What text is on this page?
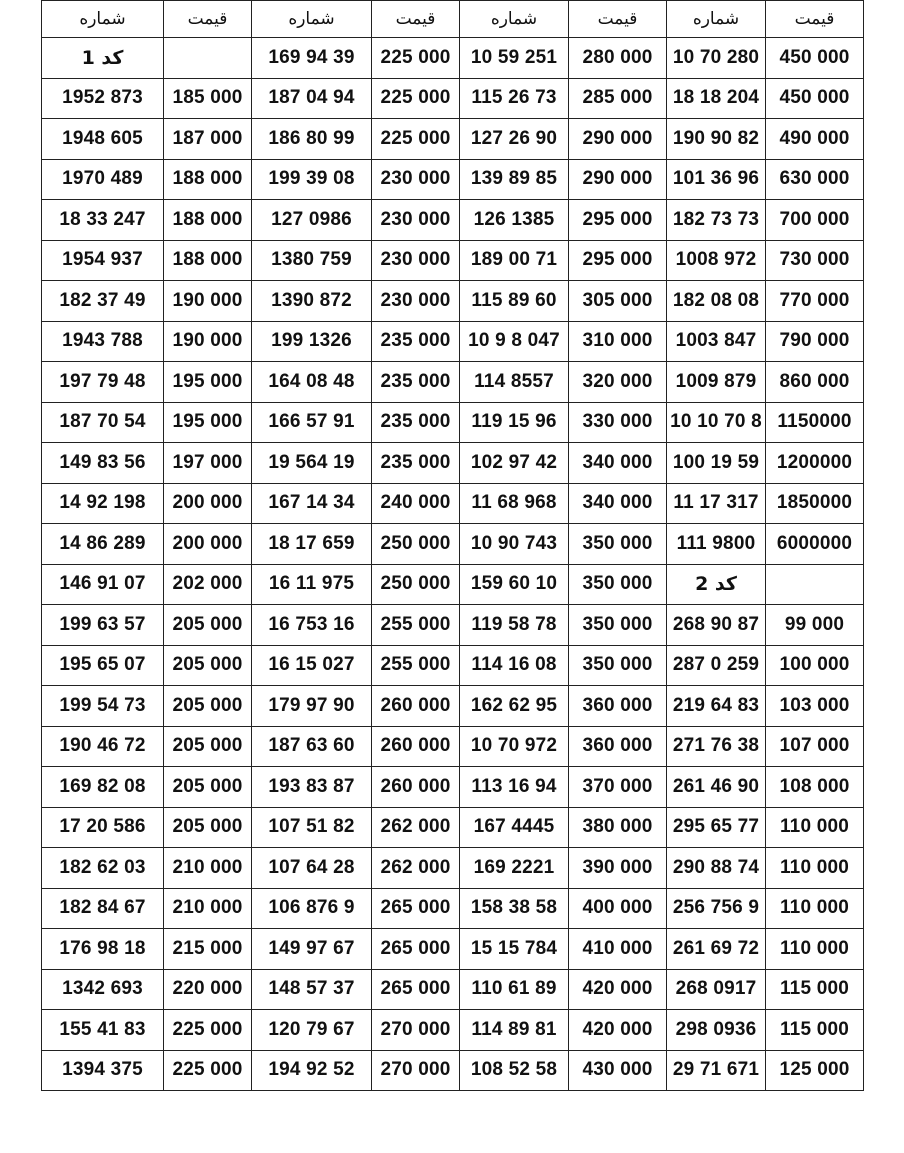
قيمت	شماره	قيمت	شماره	قيمت	شماره	قيمت	شماره
450 000	10 70 280	280 000	10 59 251	225 000	169 94 39		كد 1
450 000	18 18 204	285 000	115 26 73	225 000	187 04 94	185 000	1952 873
490 000	190 90 82	290 000	127 26 90	225 000	186 80 99	187 000	1948 605
630 000	101 36 96	290 000	139 89 85	230 000	199 39 08	188 000	1970 489
700 000	182 73 73	295 000	126 1385	230 000	127 0986	188 000	18 33 247
730 000	1008 972	295 000	189 00 71	230 000	1380 759	188 000	1954 937
770 000	182 08 08	305 000	115 89 60	230 000	1390 872	190 000	182 37 49
790 000	1003 847	310 000	10 9 8 047	235 000	199 1326	190 000	1943 788
860 000	1009 879	320 000	114 8557	235 000	164 08 48	195 000	197 79 48
1150000	10 10 70 8	330 000	119 15 96	235 000	166 57 91	195 000	187 70 54
1200000	100 19 59	340 000	102 97 42	235 000	19 564 19	197 000	149 83 56
1850000	11 17 317	340 000	11 68 968	240 000	167 14 34	200 000	14 92 198
6000000	111 9800	350 000	10 90 743	250 000	18 17 659	200 000	14 86 289
	كد 2	350 000	159 60 10	250 000	16 11 975	202 000	146 91 07
99 000	268 90 87	350 000	119 58 78	255 000	16 753 16	205 000	199 63 57
100 000	287 0 259	350 000	114 16 08	255 000	16 15 027	205 000	195 65 07
103 000	219 64 83	360 000	162 62 95	260 000	179 97 90	205 000	199 54 73
107 000	271 76 38	360 000	10 70 972	260 000	187 63 60	205 000	190 46 72
108 000	261 46 90	370 000	113 16 94	260 000	193 83 87	205 000	169 82 08
110 000	295 65 77	380 000	167 4445	262 000	107 51 82	205 000	17 20 586
110 000	290 88 74	390 000	169 2221	262 000	107 64 28	210 000	182 62 03
110 000	256 756 9	400 000	158 38 58	265 000	106 876 9	210 000	182 84 67
110 000	261 69 72	410 000	15 15 784	265 000	149 97 67	215 000	176 98 18
115 000	268 0917	420 000	110 61 89	265 000	148 57 37	220 000	1342 693
115 000	298 0936	420 000	114 89 81	270 000	120 79 67	225 000	155 41 83
125 000	29 71 671	430 000	108 52 58	270 000	194 92 52	225 000	1394 375
